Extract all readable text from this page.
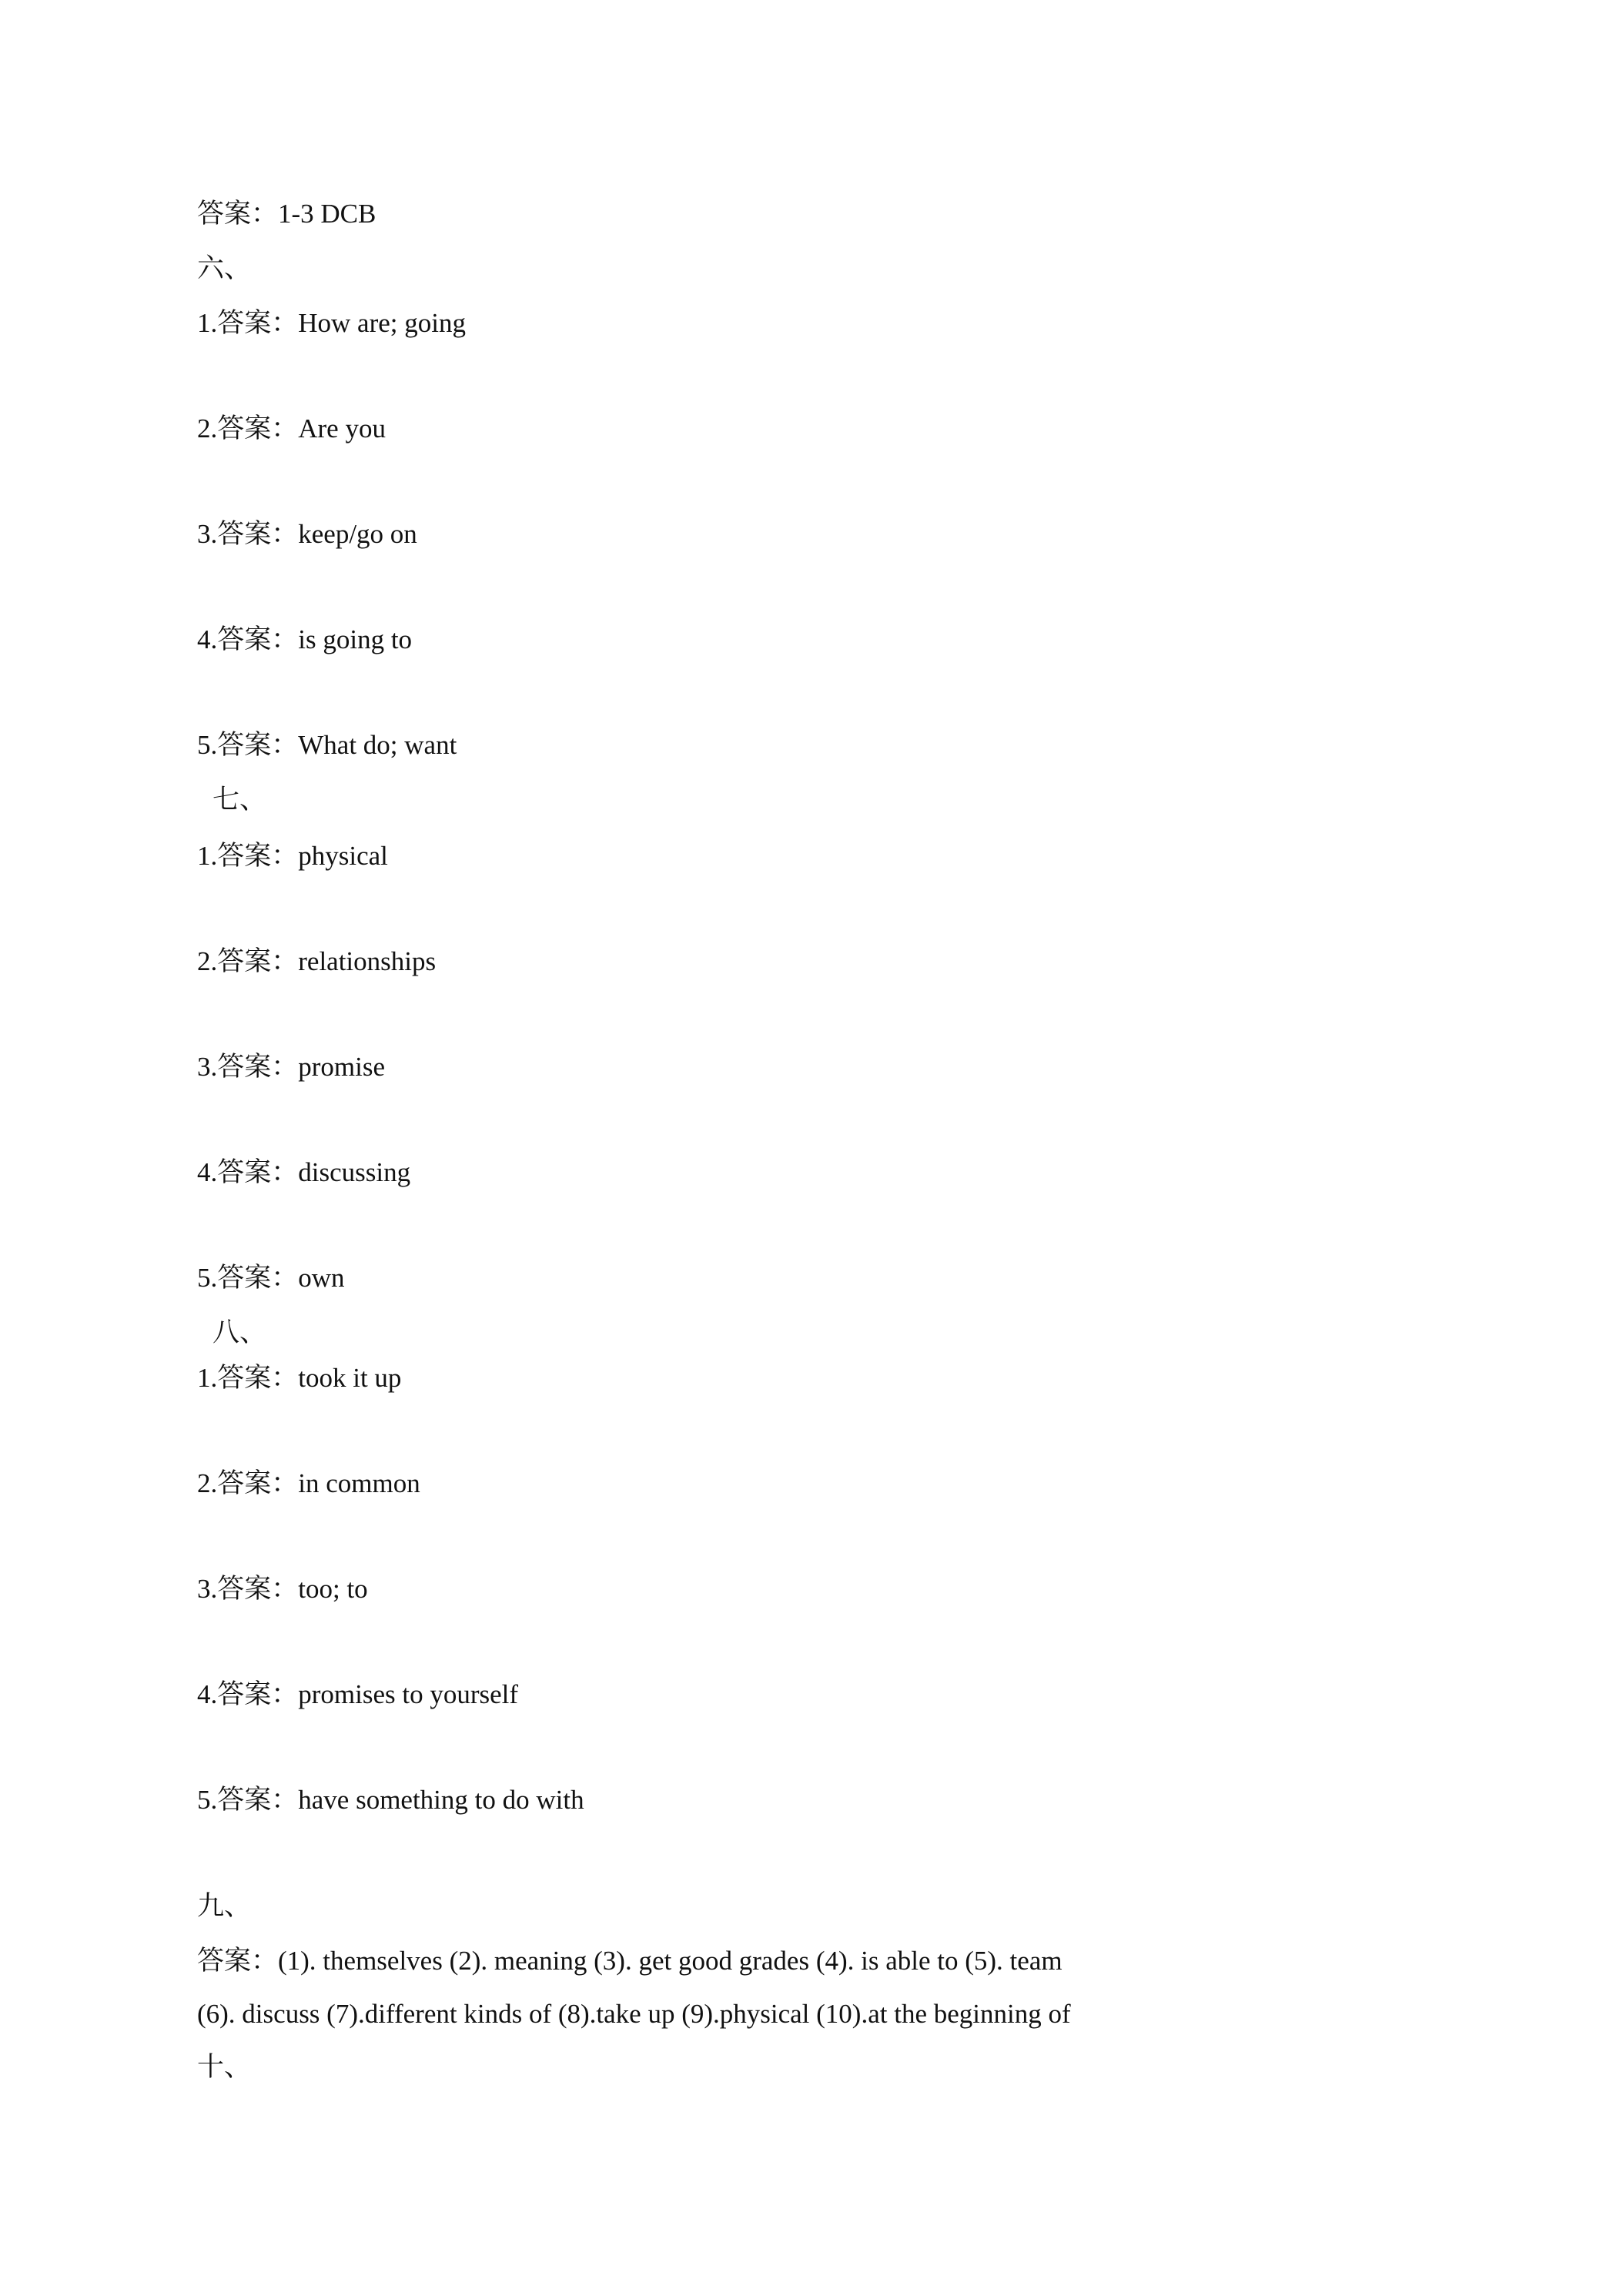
答案：1-3 DCB
六、
1.答案：How are; going
2.答案：Are you
3.答案：keep/go on
4.答案：is going to
5.答案：What do; want
七、
1.答案：physical
2.答案：relationships
3.答案：promise
4.答案：discussing
5.答案：own
八、
1.答案：took it up
2.答案：in common
3.答案：too; to
4.答案：promises to yourself
5.答案：have something to do with
九、
答案：(1). themselves (2). meaning (3). get good grades (4). is able to (5). team
(6). discuss (7).different kinds of (8).take up (9).physical (10).at the beginning of
十、
